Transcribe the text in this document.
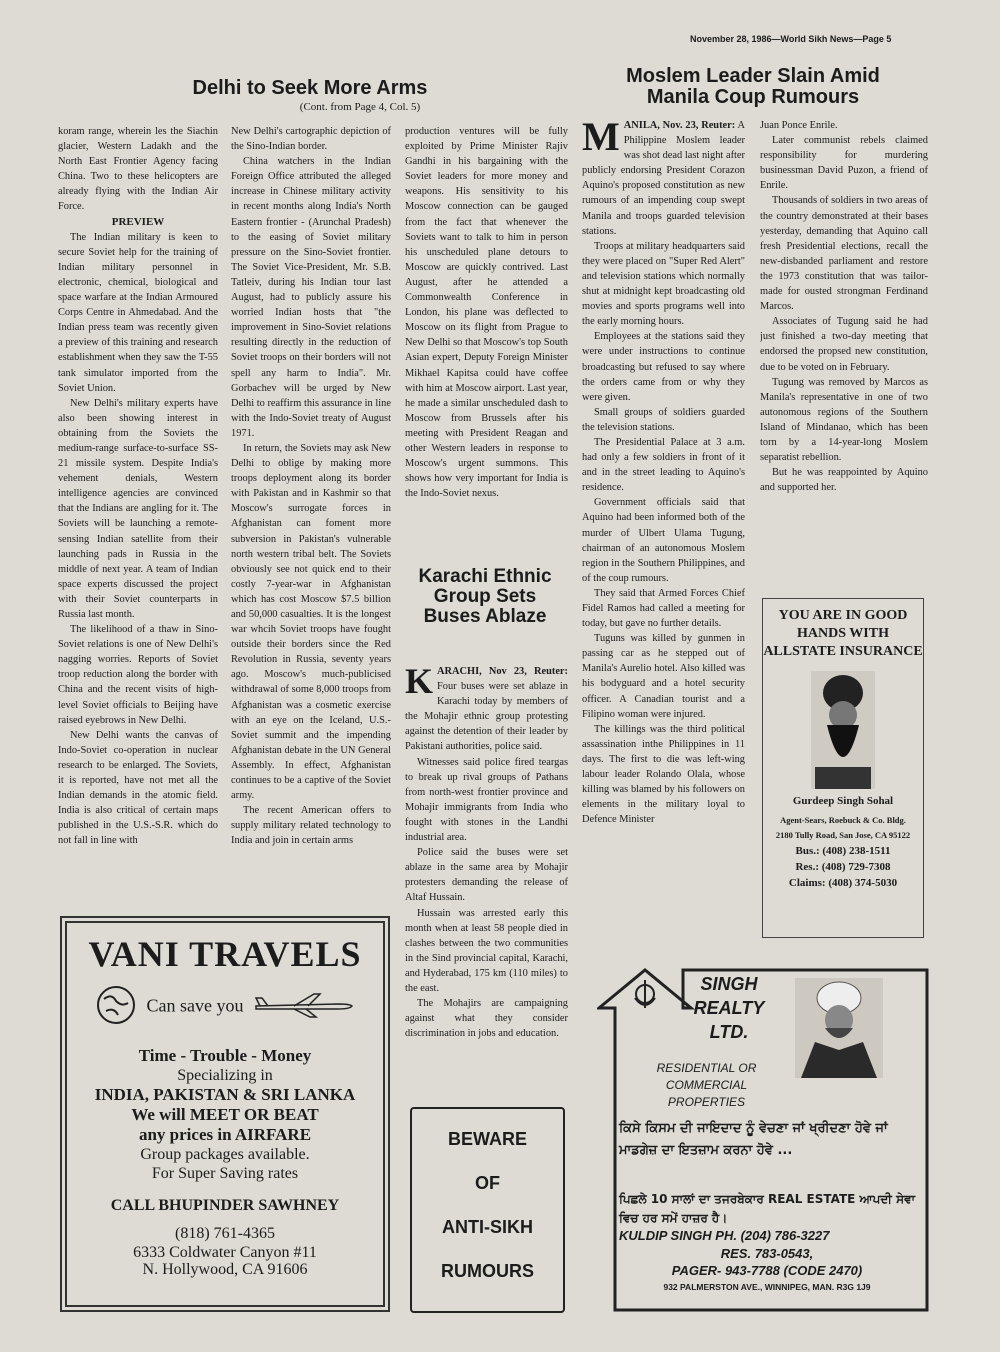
November 28, 1986—World Sikh News—Page 5
Delhi to Seek More Arms
(Cont. from Page 4, Col. 5)

koram range, wherein les the Siachin glacier, Western Ladakh and the North East Frontier Agency facing China. Two to these helicopters are already flying with the Indian Air Force.

PREVIEW

The Indian military is keen to secure Soviet help for the training of Indian military personnel in electronic, chemical, biological and space warfare at the Indian Armoured Corps Centre in Ahmedabad. And the Indian press team was recently given a preview of this training and research establishment when they saw the T-55 tank simulator imported from the Soviet Union.

New Delhi's military experts have also been showing interest in obtaining from the Soviets the medium-range surface-to-surface SS-21 missile system. Despite India's vehement denials, Western intelligence agencies are convinced that the Indians are angling for it. The Soviets will be launching a remote-sensing Indian satellite from their launching pads in Russia in the middle of next year. A team of Indian space experts discussed the project with their Soviet counterparts in Russia last month.

The likelihood of a thaw in Sino-Soviet relations is one of New Delhi's nagging worries. Reports of Soviet troop reduction along the border with China and the recent visits of high-level Soviet officials to Beijing have raised eyebrows in New Delhi.

New Delhi wants the canvas of Indo-Soviet co-operation in nuclear research to be enlarged. The Soviets, it is reported, have not met all the Indian demands in the atomic field. India is also critical of certain maps published in the U.S.-S.R. which do not fall in line with

New Delhi's cartographic depiction of the Sino-Indian border.

China watchers in the Indian Foreign Office attributed the alleged increase in Chinese military activity in recent months along India's North Eastern frontier - (Arunchal Pradesh) to the easing of Soviet military pressure on the Sino-Soviet frontier. The Soviet Vice-President, Mr. S.B. Tatleiv, during his Indian tour last August, had to publicly assure his worried Indian hosts that "the improvement in Sino-Soviet relations resulting directly in the reduction of Soviet troops on their borders will not spell any harm to India". Mr. Gorbachev will be urged by New Delhi to reaffirm this assurance in line with the Indo-Soviet treaty of August 1971.

In return, the Soviets may ask New Delhi to oblige by making more troops deployment along its border with Pakistan and in Kashmir so that Moscow's surrogate forces in Afghanistan can foment more subversion in Pakistan's vulnerable north western tribal belt. The Soviets obviously see not quick end to their costly 7-year-war in Afghanistan which has cost Moscow $7.5 billion and 50,000 casualties. It is the longest war whcih Soviet troops have fought outside their borders since the Red Revolution in Russia, seventy years ago. Moscow's much-publicised withdrawal of some 8,000 troops from Afghanistan was a cosmetic exercise with an eye on the Iceland, U.S.-Soviet summit and the impending Afghanistan debate in the UN General Assembly. In effect, Afghanistan continues to be a captive of the Soviet army.

The recent American offers to supply military related technology to India and join in certain arms

production ventures will be fully exploited by Prime Minister Rajiv Gandhi in his bargaining with the Soviet leaders for more money and weapons. His sensitivity to his Moscow connection can be gauged from the fact that whenever the Soviets want to talk to him in person his unscheduled plane detours to Moscow are quickly contrived. Last August, after he attended a Commonwealth Conference in London, his plane was deflected to Moscow on its flight from Prague to New Delhi so that Moscow's top South Asian expert, Deputy Foreign Minister Mikhael Kapitsa could have coffee with him at Moscow airport. Last year, he made a similar unscheduled dash to Moscow from Brussels after his meeting with President Reagan and other Western leaders in response to Moscow's urgent summons. This shows how very important for India is the Indo-Soviet nexus.

Karachi Ethnic Group Sets Buses Ablaze
K ARACHI, Nov 23, Reuter: Four buses were set ablaze in Karachi today by members of the Mohajir ethnic group protesting against the detention of their leader by Pakistani authorities, police said.

Witnesses said police fired teargas to break up rival groups of Pathans from north-west frontier province and Mohajir immigrants from India who fought with stones in the Landhi industrial area.

Police said the buses were set ablaze in the same area by Mohajir protesters demanding the release of Altaf Hussain.

Hussain was arrested early this month when at least 58 people died in clashes between the two communities in the Sind provincial capital, Karachi, and Hyderabad, 175 km (110 miles) to the east.

The Mohajirs are campaigning against what they consider discrimination in jobs and education.

Moslem Leader Slain Amid Manila Coup Rumours
M ANILA, Nov. 23, Reuter: A Philippine Moslem leader was shot dead last night after publicly endorsing President Corazon Aquino's proposed constitution as new rumours of an impending coup swept Manila and troops guarded television stations.

Troops at military headquarters said they were placed on "Super Red Alert" and television stations which normally shut at midnight kept broadcasting old movies and sports programs well into the early morning hours.

Employees at the stations said they were under instructions to continue broadcasting but refused to say where the orders came from or why they were given.

Small groups of soldiers guarded the television stations.

The Presidential Palace at 3 a.m. had only a few soldiers in front of it and in the street leading to Aquino's residence.

Government officials said that Aquino had been informed both of the murder of Ulbert Ulama Tugung, chairman of an autonomous Moslem region in the Southern Philippines, and of the coup rumours.

They said that Armed Forces Chief Fidel Ramos had called a meeting for today, but gave no further details.

Tuguns was killed by gunmen in passing car as he stepped out of Manila's Aurelio hotel. Also killed was his bodyguard and a hotel security officer. A Canadian tourist and a Filipino woman were injured.

The killings was the third political assassination inthe Philippines in 11 days. The first to die was left-wing labour leader Rolando Olala, whose killing was blamed by his followers on elements in the military loyal to Defence Minister

Juan Ponce Enrile.

Later communist rebels claimed responsibility for murdering businessman David Puzon, a friend of Enrile.

Thousands of soldiers in two areas of the country demonstrated at their bases yesterday, demanding that Aquino call fresh Presidential elections, recall the new-disbanded parliament and restore the 1973 constitution that was tailor-made for ousted strongman Ferdinand Marcos.

Associates of Tugung said he had just finished a two-day meeting that endorsed the propsed new constitution, due to be voted on in February.

Tugung was removed by Marcos as Manila's representative in one of two autonomous regions of the Southern Island of Mindanao, which has been torn by a 14-year-long Moslem separatist rebellion.

But he was reappointed by Aquino and supported her.

YOU ARE IN GOOD HANDS WITH ALLSTATE INSURANCE
Gurdeep Singh Sohal
Agent-Sears, Roebuck & Co. Bldg.
2180 Tully Road, San Jose, CA 95122
Bus.: (408) 238-1511
Res.: (408) 729-7308
Claims: (408) 374-5030
VANI TRAVELS
Can save you
Time - Trouble - Money
Specializing in
INDIA, PAKISTAN & SRI LANKA
We will MEET OR BEAT
any prices in AIRFARE
Group packages available.
For Super Saving rates
CALL BHUPINDER SAWHNEY
(818) 761-4365
6333 Coldwater Canyon #11
N. Hollywood, CA 91606
BEWARE
OF
ANTI-SIKH
RUMOURS
SINGH
REALTY
LTD.
RESIDENTIAL OR
COMMERCIAL
PROPERTIES
ਕਿਸੇ ਕਿਸਮ ਦੀ ਜਾਇਦਾਦ ਨੂੰ ਵੇਚਣਾ ਜਾਂ ਖ੍ਰੀਦਣਾ ਹੋਵੇ ਜਾਂ ਮਾਡਗੇਜ਼ ਦਾ ਇਤਜ਼ਾਮ ਕਰਨਾ ਹੋਵੇ ...
ਪਿਛਲੇ 10 ਸਾਲਾਂ ਦਾ ਤਜਰਬੇਕਾਰ REAL ESTATE ਆਪਦੀ ਸੇਵਾ ਵਿਚ ਹਰ ਸਮੇਂ ਹਾਜ਼ਰ ਹੈ।
KULDIP SINGH PH. (204) 786-3227
RES. 783-0543,
PAGER- 943-7788 (CODE 2470)
932 PALMERSTON AVE., WINNIPEG, MAN. R3G 1J9
